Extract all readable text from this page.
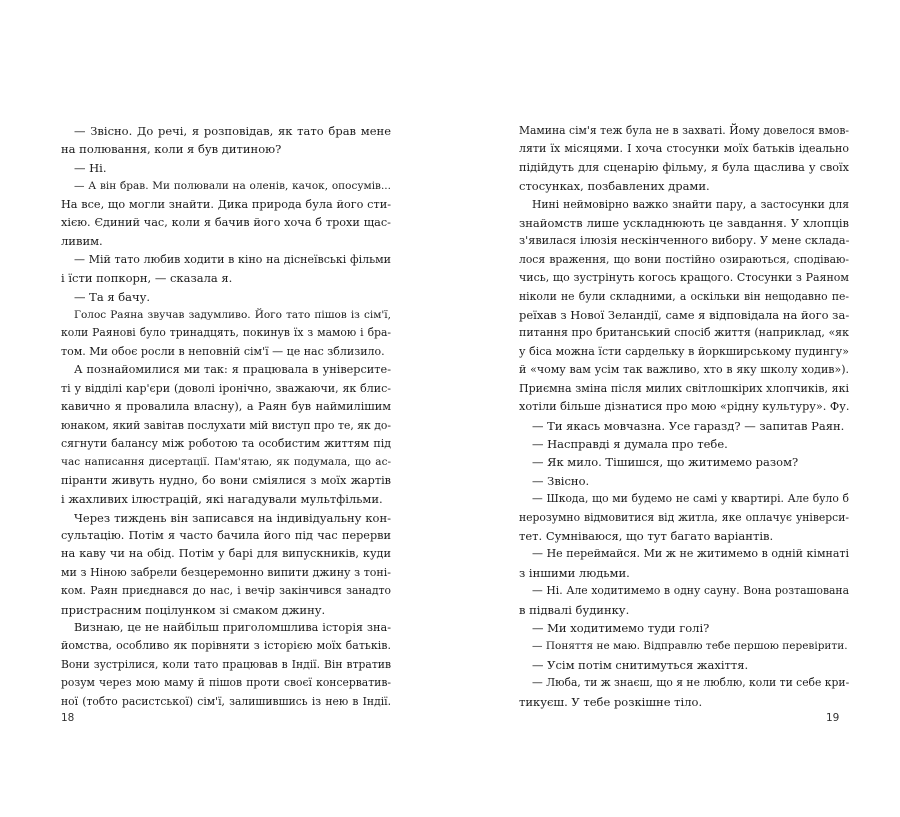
— Звісно. До речі, я розповідав, як тато брав мене
на полювання, коли я був дитиною?

— Ні.

— А він брав. Ми полювали на оленів, качок, опосумів...
На все, що могли знайти. Дика природа була його сти-
хією. Єдиний час, коли я бачив його хоча б трохи щас-
ливим.

— Мій тато любив ходити в кіно на діснеївські фільми
і їсти попкорн, — сказала я.

— Та я бачу.

Голос Раяна звучав задумливо. Його тато пішов із сім'ї,
коли Раянові було тринадцять, покинув їх з мамою і бра-
том. Ми обоє росли в неповній сім'ї — це нас зблизило.

А познайомилися ми так: я працювала в університе-
ті у відділі кар'єри (доволі іронічно, зважаючи, як блис-
кавично я провалила власну), а Раян був наймилішим
юнаком, який завітав послухати мій виступ про те, як до-
сягнути балансу між роботою та особистим життям під
час написання дисертації. Пам'ятаю, як подумала, що ас-
піранти живуть нудно, бо вони сміялися з моїх жартів
і жахливих ілюстрацій, які нагадували мультфільми.

Через тиждень він записався на індивідуальну кон-
сультацію. Потім я часто бачила його під час перерви
на каву чи на обід. Потім у барі для випускників, куди
ми з Ніною забрели безцеремонно випити джину з тоні-
ком. Раян приєднався до нас, і вечір закінчився занадто
пристрасним поцілунком зі смаком джину.

Визнаю, це не найбільш приголомшлива історія зна-
йомства, особливо як порівняти з історією моїх батьків.
Вони зустрілися, коли тато працював в Індії. Він втратив
розум через мою маму й пішов проти своєї консерватив-
ної (тобто расистської) сім'ї, залишившись із нею в Індії.

Мамина сім'я теж була не в захваті. Йому довелося вмов-
ляти їх місяцями. І хоча стосунки моїх батьків ідеально
підійдуть для сценарію фільму, я була щаслива у своїх
стосунках, позбавлених драми.

Нині неймовірно важко знайти пару, а застосунки для
знайомств лише ускладнюють це завдання. У хлопців
з'явилася ілюзія нескінченного вибору. У мене склада-
лося враження, що вони постійно озираються, сподіваю-
чись, що зустрінуть когось кращого. Стосунки з Раяном
ніколи не були складними, а оскільки він нещодавно пе-
реїхав з Нової Зеландії, саме я відповідала на його за-
питання про британський спосіб життя (наприклад, «як
у біса можна їсти сардельку в йоркширському пудингу»
й «чому вам усім так важливо, хто в яку школу ходив»).
Приємна зміна після милих світлошкірих хлопчиків, які
хотіли більше дізнатися про мою «рідну культуру». Фу.

— Ти якась мовчазна. Усе гаразд? — запитав Раян.

— Насправді я думала про тебе.

— Як мило. Тішишся, що житимемо разом?

— Звісно.

— Шкода, що ми будемо не самі у квартирі. Але було б
нерозумно відмовитися від житла, яке оплачує універси-
тет. Сумніваюся, що тут багато варіантів.

— Не переймайся. Ми ж не житимемо в одній кімнаті
з іншими людьми.

— Ні. Але ходитимемо в одну сауну. Вона розташована
в підвалі будинку.

— Ми ходитимемо туди голі?

— Поняття не маю. Відправлю тебе першою перевірити.

— Усім потім снитимуться жахіття.

— Люба, ти ж знаєш, що я не люблю, коли ти себе кри-
тикуєш. У тебе розкішне тіло.

18	19
